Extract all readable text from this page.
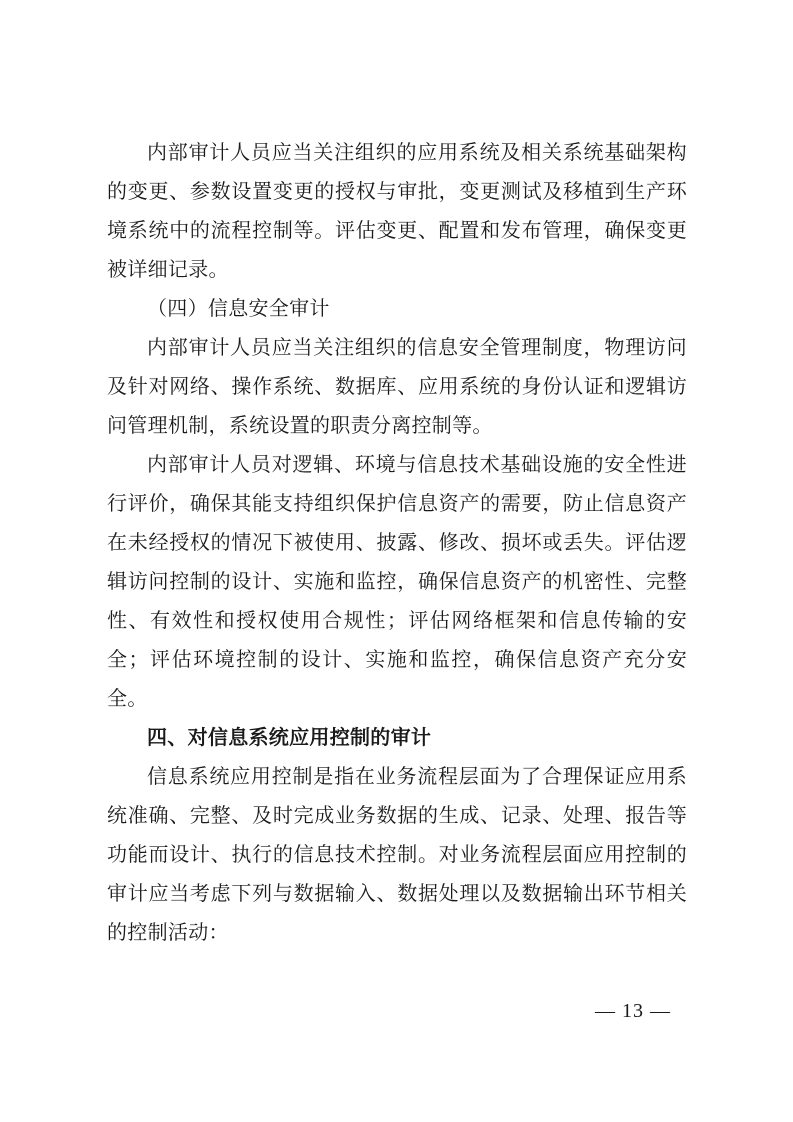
内部审计人员应当关注组织的应用系统及相关系统基础架构的变更、参数设置变更的授权与审批，变更测试及移植到生产环境系统中的流程控制等。评估变更、配置和发布管理，确保变更被详细记录。

（四）信息安全审计

内部审计人员应当关注组织的信息安全管理制度，物理访问及针对网络、操作系统、数据库、应用系统的身份认证和逻辑访问管理机制，系统设置的职责分离控制等。

内部审计人员对逻辑、环境与信息技术基础设施的安全性进行评价，确保其能支持组织保护信息资产的需要，防止信息资产在未经授权的情况下被使用、披露、修改、损坏或丢失。评估逻辑访问控制的设计、实施和监控，确保信息资产的机密性、完整性、有效性和授权使用合规性；评估网络框架和信息传输的安全；评估环境控制的设计、实施和监控，确保信息资产充分安全。

四、对信息系统应用控制的审计

信息系统应用控制是指在业务流程层面为了合理保证应用系统准确、完整、及时完成业务数据的生成、记录、处理、报告等功能而设计、执行的信息技术控制。对业务流程层面应用控制的审计应当考虑下列与数据输入、数据处理以及数据输出环节相关的控制活动：

— 13 —
